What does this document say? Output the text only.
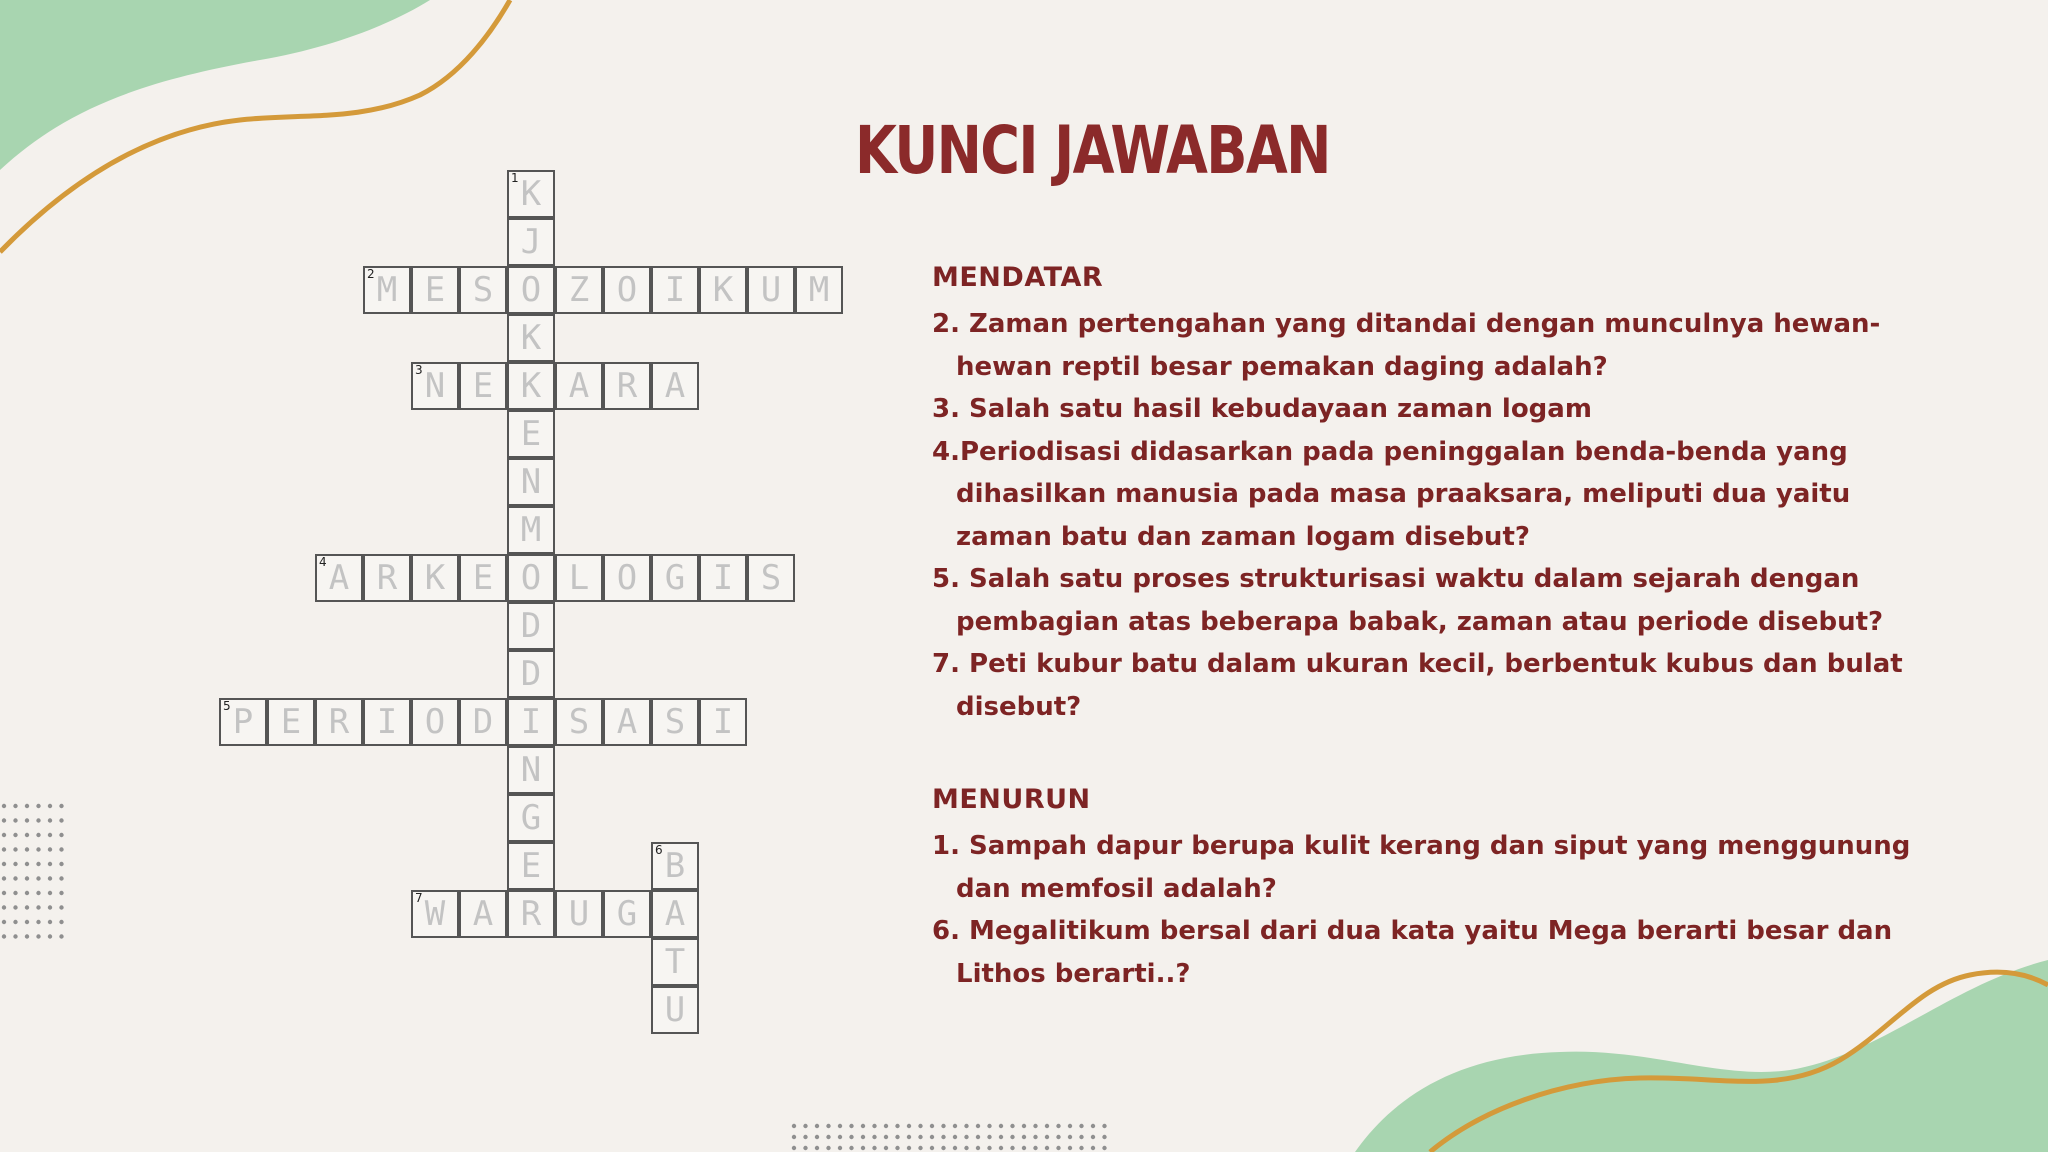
KUNCI JAWABAN
K
1
J
O
K
K
E
N
M
O
D
D
I
N
G
E
M
2	E S	Z O I K U M
N
3	E	A R A
A
4	R K E	L O G I S
P
5	E R I O D	S A S I
B
6
A
T
U
W
7	A R U G

MENDATAR

2. Zaman pertengahan yang ditandai dengan munculnya hewan-

hewan reptil besar pemakan daging adalah?

3. Salah satu hasil kebudayaan zaman logam

4.Periodisasi didasarkan pada peninggalan benda-benda yang

dihasilkan manusia pada masa praaksara, meliputi dua yaitu

zaman batu dan zaman logam disebut?

5. Salah satu proses strukturisasi waktu dalam sejarah dengan

pembagian atas beberapa babak, zaman atau periode disebut?

7. Peti kubur batu dalam ukuran kecil, berbentuk kubus dan bulat

disebut?

MENURUN

1. Sampah dapur berupa kulit kerang dan siput yang menggunung

dan memfosil adalah?

6. Megalitikum bersal dari dua kata yaitu Mega berarti besar dan

Lithos berarti..?
